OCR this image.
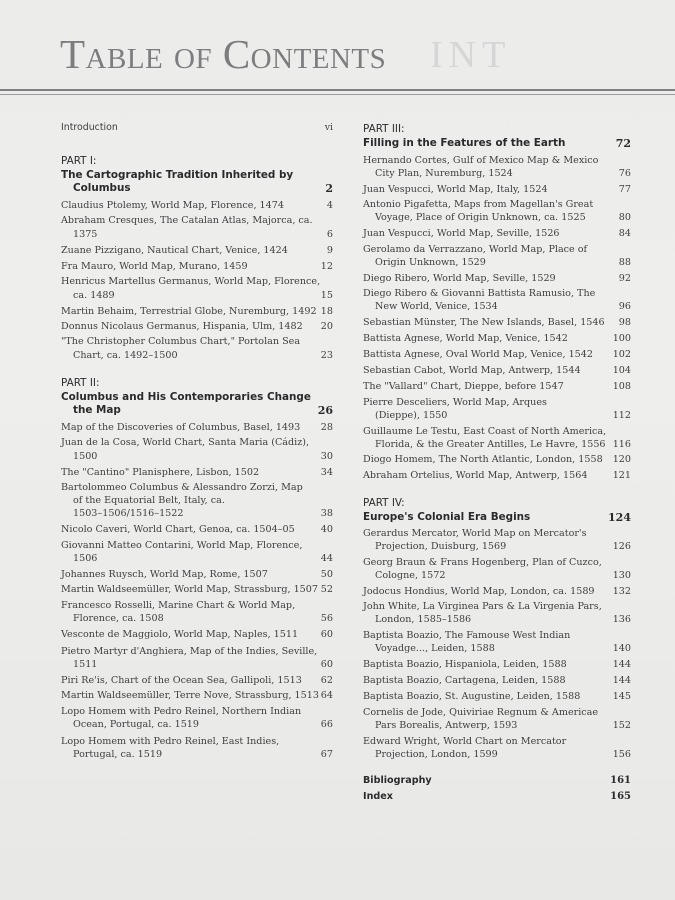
Table of Contents INT
Introduction	vi
PART I:
The Cartographic Tradition Inherited by
Columbus	2
Claudius Ptolemy, World Map, Florence, 1474	4
Abraham Cresques, The Catalan Atlas, Majorca, ca.
1375	6
Zuane Pizzigano, Nautical Chart, Venice, 1424	9
Fra Mauro, World Map, Murano, 1459	12
Henricus Martellus Germanus, World Map, Florence,
ca. 1489	15
Martin Behaim, Terrestrial Globe, Nuremburg, 1492 18
Donnus Nicolaus Germanus, Hispania, Ulm, 1482 20
"The Christopher Columbus Chart," Portolan Sea
Chart, ca. 1492–1500	23
PART II:
Columbus and His Contemporaries Change
the Map	26
Map of the Discoveries of Columbus, Basel, 1493 28
Juan de la Cosa, World Chart, Santa Maria (Cádiz),
1500	30
The "Cantino" Planisphere, Lisbon, 1502	34
Bartolommeo Columbus & Alessandro Zorzi, Map
of the Equatorial Belt, Italy, ca.
1503–1506/1516–1522	38
Nicolo Caveri, World Chart, Genoa, ca. 1504–05	40
Giovanni Matteo Contarini, World Map, Florence,
1506	44
Johannes Ruysch, World Map, Rome, 1507	50
Martin Waldseemüller, World Map, Strassburg, 1507 52
Francesco Rosselli, Marine Chart & World Map,
Florence, ca. 1508	56
Vesconte de Maggiolo, World Map, Naples, 1511 60
Pietro Martyr d'Anghiera, Map of the Indies, Seville,
1511	60
Piri Re'is, Chart of the Ocean Sea, Gallipoli, 1513 62
Martin Waldseemüller, Terre Nove, Strassburg, 1513 64
Lopo Homem with Pedro Reinel, Northern Indian
Ocean, Portugal, ca. 1519	66
Lopo Homem with Pedro Reinel, East Indies,
Portugal, ca. 1519	67
PART III:
Filling in the Features of the Earth	72
Hernando Cortes, Gulf of Mexico Map & Mexico
City Plan, Nuremburg, 1524	76
Juan Vespucci, World Map, Italy, 1524	77
Antonio Pigafetta, Maps from Magellan's Great
Voyage, Place of Origin Unknown, ca. 1525	80
Juan Vespucci, World Map, Seville, 1526	84
Gerolamo da Verrazzano, World Map, Place of
Origin Unknown, 1529	88
Diego Ribero, World Map, Seville, 1529	92
Diego Ribero & Giovanni Battista Ramusio, The
New World, Venice, 1534	96
Sebastian Münster, The New Islands, Basel, 1546 98
Battista Agnese, World Map, Venice, 1542	100
Battista Agnese, Oval World Map, Venice, 1542 102
Sebastian Cabot, World Map, Antwerp, 1544	104
The "Vallard" Chart, Dieppe, before 1547	108
Pierre Desceliers, World Map, Arques
(Dieppe), 1550	112
Guillaume Le Testu, East Coast of North America,
Florida, & the Greater Antilles, Le Havre, 1556 116
Diogo Homem, The North Atlantic, London, 1558 120
Abraham Ortelius, World Map, Antwerp, 1564	121
PART IV:
Europe's Colonial Era Begins	124
Gerardus Mercator, World Map on Mercator's
Projection, Duisburg, 1569	126
Georg Braun & Frans Hogenberg, Plan of Cuzco,
Cologne, 1572	130
Jodocus Hondius, World Map, London, ca. 1589 132
John White, La Virginea Pars & La Virgenia Pars,
London, 1585–1586	136
Baptista Boazio, The Famouse West Indian
Voyadge..., Leiden, 1588	140
Baptista Boazio, Hispaniola, Leiden, 1588	144
Baptista Boazio, Cartagena, Leiden, 1588	144
Baptista Boazio, St. Augustine, Leiden, 1588	145
Cornelis de Jode, Quiviriae Regnum & Americae
Pars Borealis, Antwerp, 1593	152
Edward Wright, World Chart on Mercator
Projection, London, 1599	156
Bibliography	161
Index	165
